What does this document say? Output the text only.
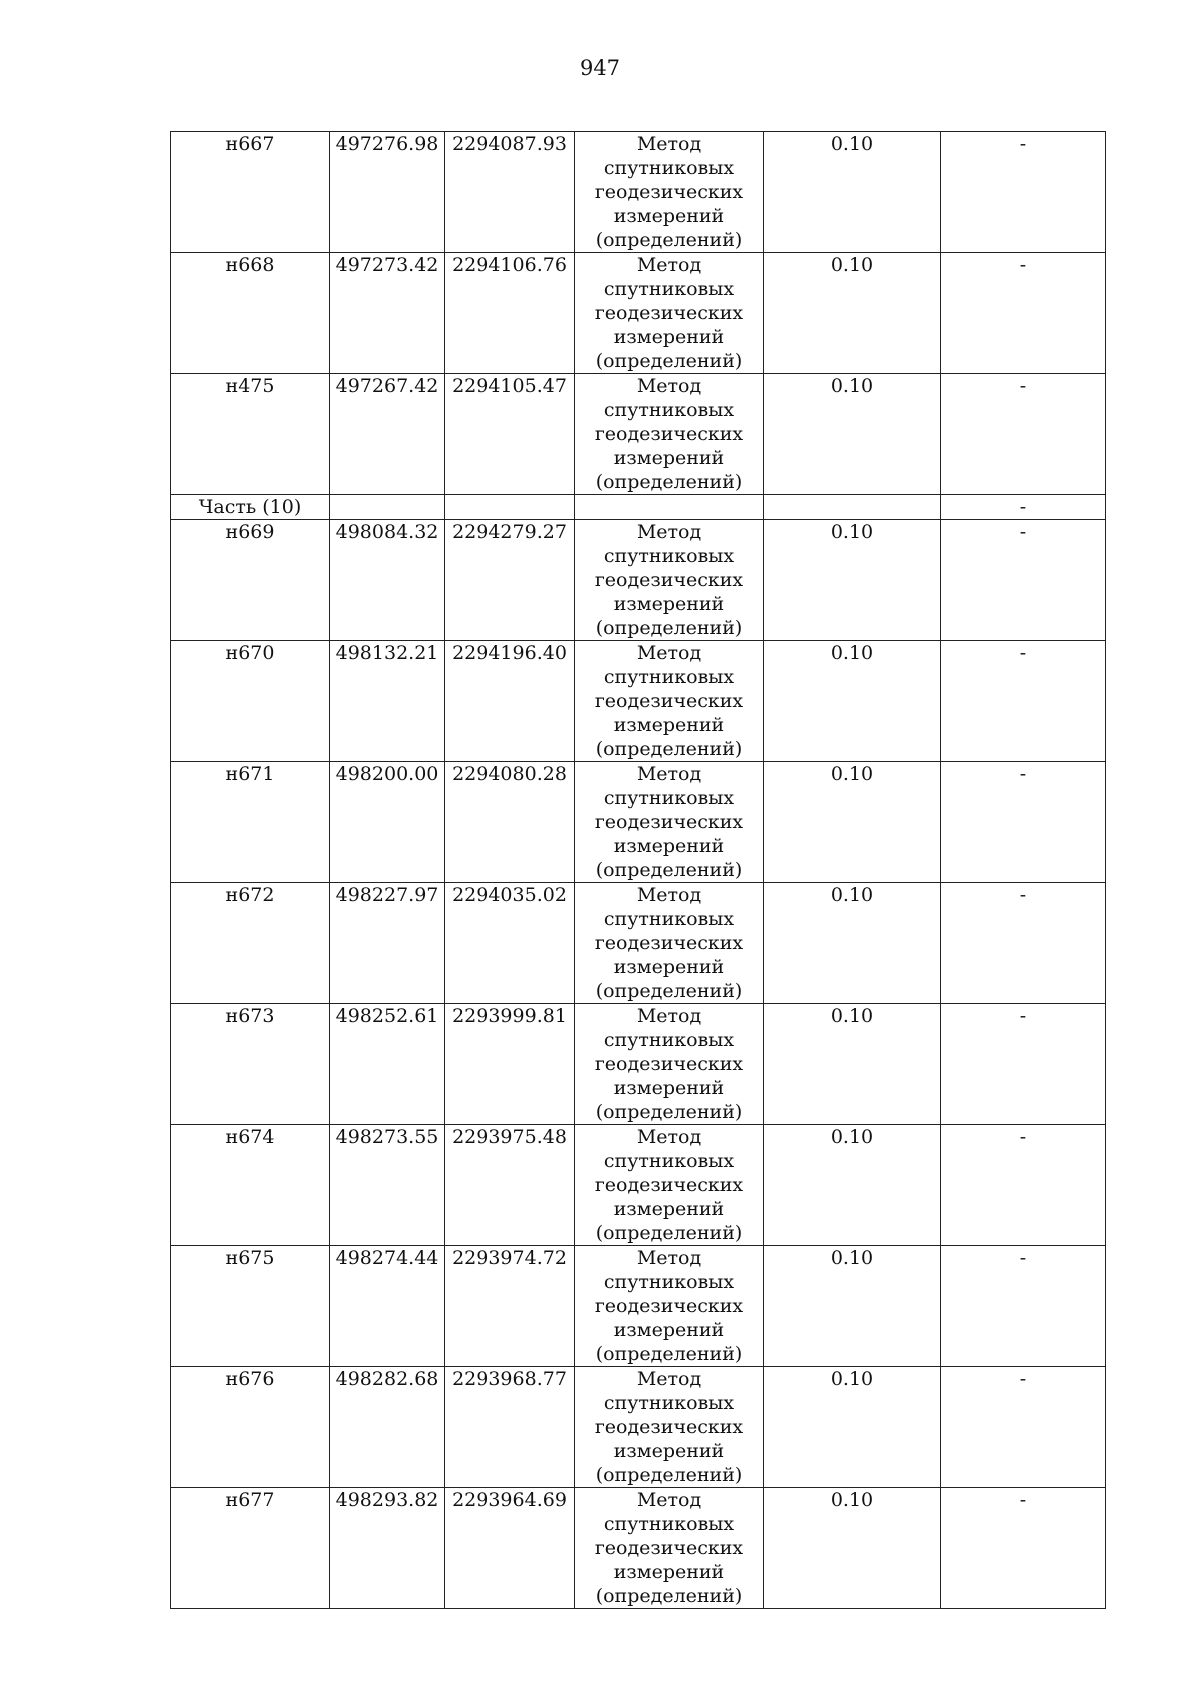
947
н667	497276.98	2294087.93	Метод
спутниковых
геодезических
измерений
(определений)	0.10	-
н668	497273.42	2294106.76	Метод
спутниковых
геодезических
измерений
(определений)	0.10	-
н475	497267.42	2294105.47	Метод
спутниковых
геодезических
измерений
(определений)	0.10	-
Часть (10)					-
н669	498084.32	2294279.27	Метод
спутниковых
геодезических
измерений
(определений)	0.10	-
н670	498132.21	2294196.40	Метод
спутниковых
геодезических
измерений
(определений)	0.10	-
н671	498200.00	2294080.28	Метод
спутниковых
геодезических
измерений
(определений)	0.10	-
н672	498227.97	2294035.02	Метод
спутниковых
геодезических
измерений
(определений)	0.10	-
н673	498252.61	2293999.81	Метод
спутниковых
геодезических
измерений
(определений)	0.10	-
н674	498273.55	2293975.48	Метод
спутниковых
геодезических
измерений
(определений)	0.10	-
н675	498274.44	2293974.72	Метод
спутниковых
геодезических
измерений
(определений)	0.10	-
н676	498282.68	2293968.77	Метод
спутниковых
геодезических
измерений
(определений)	0.10	-
н677	498293.82	2293964.69	Метод
спутниковых
геодезических
измерений
(определений)	0.10	-
